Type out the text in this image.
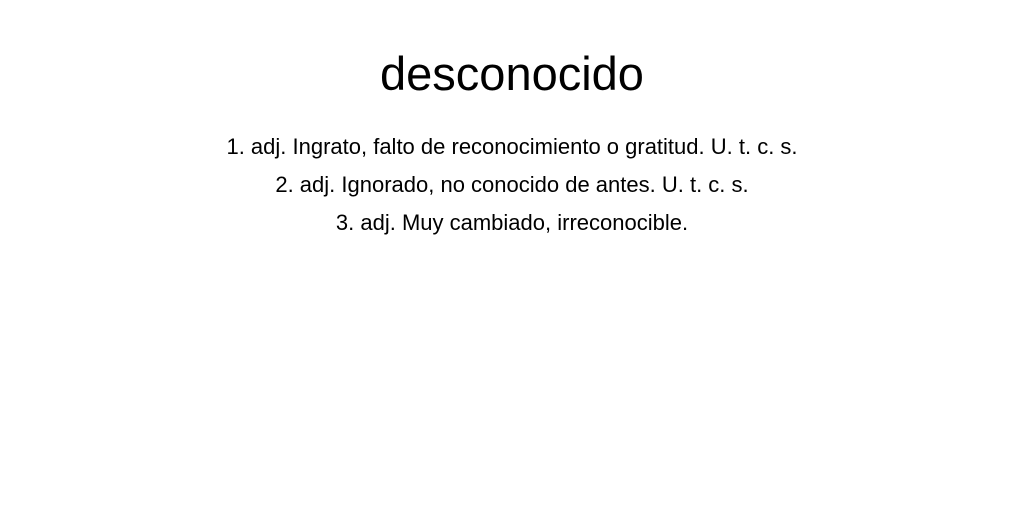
desconocido
1. adj. Ingrato, falto de reconocimiento o gratitud. U. t. c. s.
2. adj. Ignorado, no conocido de antes. U. t. c. s.
3. adj. Muy cambiado, irreconocible.
